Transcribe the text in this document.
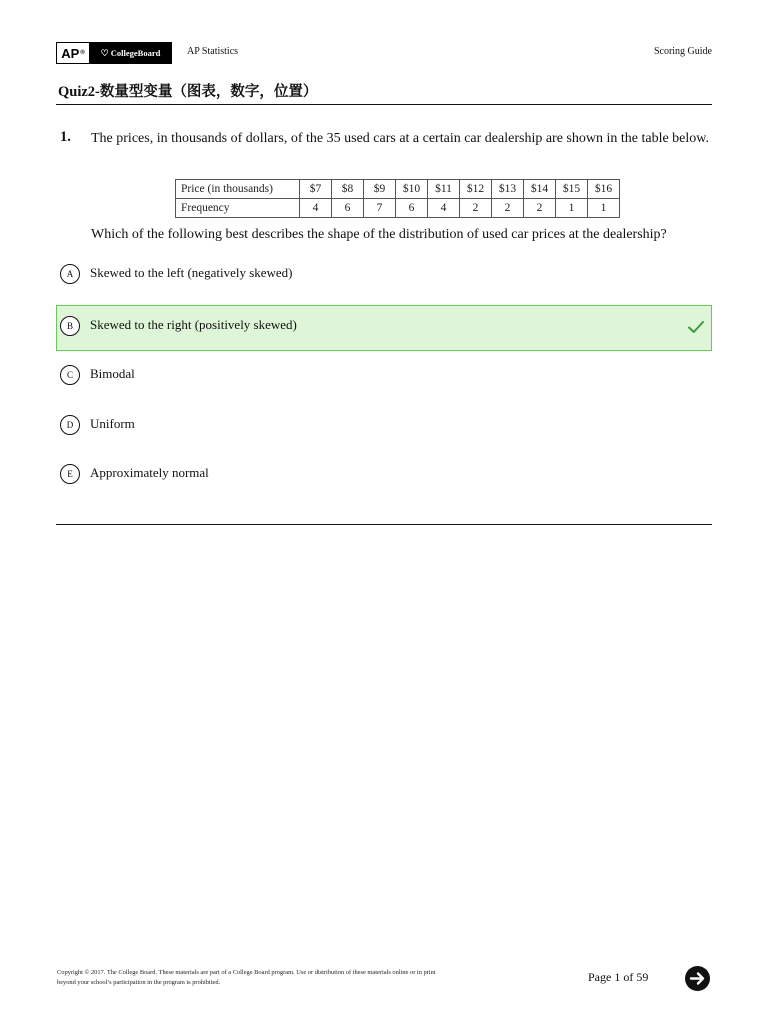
AP ® ♡ CollegeBoard	AP Statistics	Scoring Guide
Quiz2-数量型变量（图表，数字，位置）
1. The prices, in thousands of dollars, of the 35 used cars at a certain car dealership are shown in the table below.
Price (in thousands)	$7	$8	$9	$10	$11	$12	$13	$14	$15	$16
Frequency	4	6	7	6	4	2	2	2	1	1
Which of the following best describes the shape of the distribution of used car prices at the dealership?
A	Skewed to the left (negatively skewed)
B	Skewed to the right (positively skewed)
C	Bimodal
D	Uniform
E	Approximately normal
Copyright © 2017. The College Board. These materials are part of a College Board program. Use or distribution of these materials online or in print
beyond your school’s participation in the program is prohibited.	Page 1 of 59
